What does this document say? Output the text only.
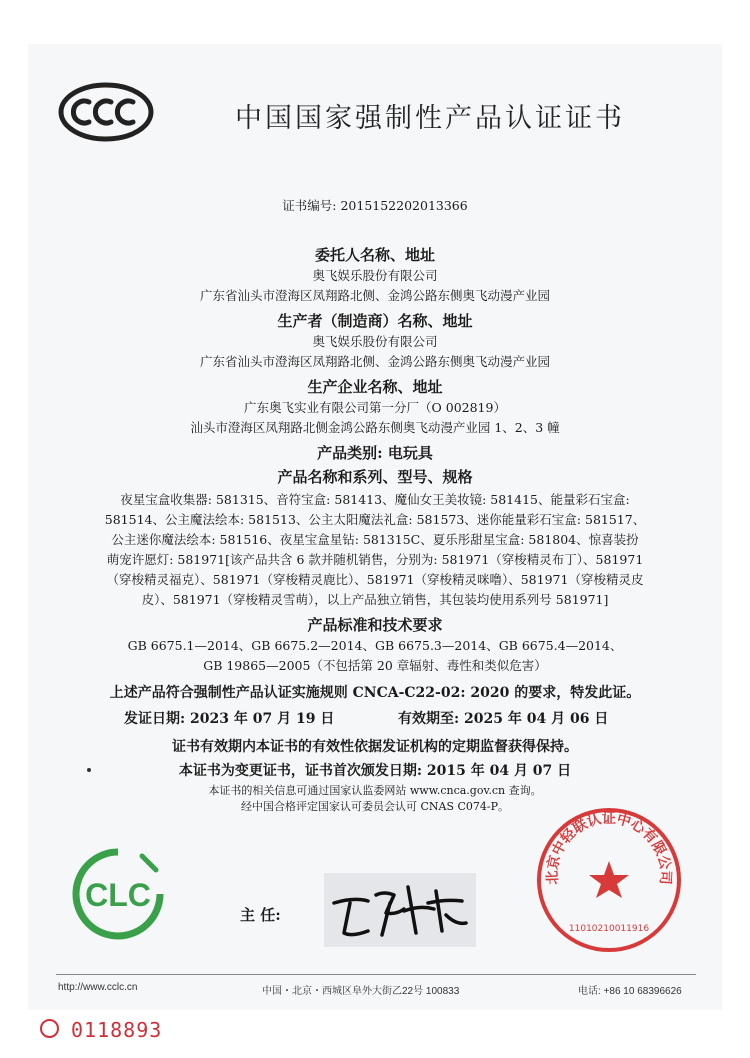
中国国家强制性产品认证证书
证书编号: 2015152202013366
委托人名称、地址
奥飞娱乐股份有限公司
广东省汕头市澄海区凤翔路北侧、金鸿公路东侧奥飞动漫产业园
生产者（制造商）名称、地址
奥飞娱乐股份有限公司
广东省汕头市澄海区凤翔路北侧、金鸿公路东侧奥飞动漫产业园
生产企业名称、地址
广东奥飞实业有限公司第一分厂（O 002819）
汕头市澄海区凤翔路北侧金鸿公路东侧奥飞动漫产业园 1、2、3 幢
产品类别: 电玩具
产品名称和系列、型号、规格
夜星宝盒收集器: 581315、音符宝盒: 581413、魔仙女王美妆镜: 581415、能量彩石宝盒:
581514、公主魔法绘本: 581513、公主太阳魔法礼盒: 581573、迷你能量彩石宝盒: 581517、
公主迷你魔法绘本: 581516、夜星宝盒星钻: 581315C、夏乐彤甜星宝盒: 581804、惊喜装扮
萌宠许愿灯: 581971[该产品共含 6 款并随机销售，分别为: 581971（穿梭精灵布丁）、581971
（穿梭精灵福克）、581971（穿梭精灵鹿比）、581971（穿梭精灵咪噜）、581971（穿梭精灵皮
皮）、581971（穿梭精灵雪萌），以上产品独立销售，其包装均使用系列号 581971]
产品标准和技术要求
GB 6675.1—2014、GB 6675.2—2014、GB 6675.3—2014、GB 6675.4—2014、
GB 19865—2005（不包括第 20 章辐射、毒性和类似危害）
上述产品符合强制性产品认证实施规则 CNCA-C22-02: 2020 的要求，特发此证。
发证日期: 2023 年 07 月 19 日	有效期至: 2025 年 04 月 06 日
证书有效期内本证书的有效性依据发证机构的定期监督获得保持。
本证书为变更证书，证书首次颁发日期: 2015 年 04 月 07 日
本证书的相关信息可通过国家认监委网站 www.cnca.gov.cn 查询。
经中国合格评定国家认可委员会认可 CNAS C074-P。
CLC
主 任:
北京中轻联认证中心有限公司
11010210011916
http://www.cclc.cn	中国・北京・西城区阜外大街乙22号 100833	电话: +86 10 68396626
0118893
